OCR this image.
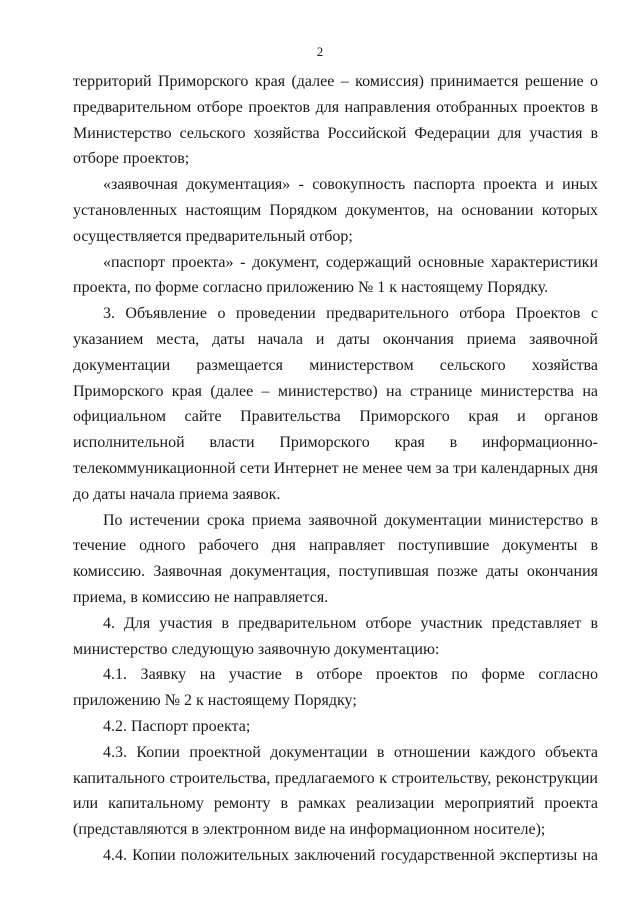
2

территорий Приморского края (далее – комиссия) принимается решение о предварительном отборе проектов для направления отобранных проектов в Министерство сельского хозяйства Российской Федерации для участия в отборе проектов;

«заявочная документация» - совокупность паспорта проекта и иных установленных настоящим Порядком документов, на основании которых осуществляется предварительный отбор;

«паспорт проекта» - документ, содержащий основные характеристики проекта, по форме согласно приложению № 1 к настоящему Порядку.

3. Объявление о проведении предварительного отбора Проектов с указанием места, даты начала и даты окончания приема заявочной документации размещается министерством сельского хозяйства Приморского края (далее – министерство) на странице министерства на официальном сайте Правительства Приморского края и органов исполнительной власти Приморского края в информационно-телекоммуникационной сети Интернет не менее чем за три календарных дня до даты начала приема заявок.

По истечении срока приема заявочной документации министерство в течение одного рабочего дня направляет поступившие документы в комиссию. Заявочная документация, поступившая позже даты окончания приема, в комиссию не направляется.

4. Для участия в предварительном отборе участник представляет в министерство следующую заявочную документацию:

4.1. Заявку на участие в отборе проектов по форме согласно приложению № 2 к настоящему Порядку;

4.2. Паспорт проекта;

4.3. Копии проектной документации в отношении каждого объекта капитального строительства, предлагаемого к строительству, реконструкции или капитальному ремонту в рамках реализации мероприятий проекта (представляются в электронном виде на информационном носителе);

4.4. Копии положительных заключений государственной экспертизы на
